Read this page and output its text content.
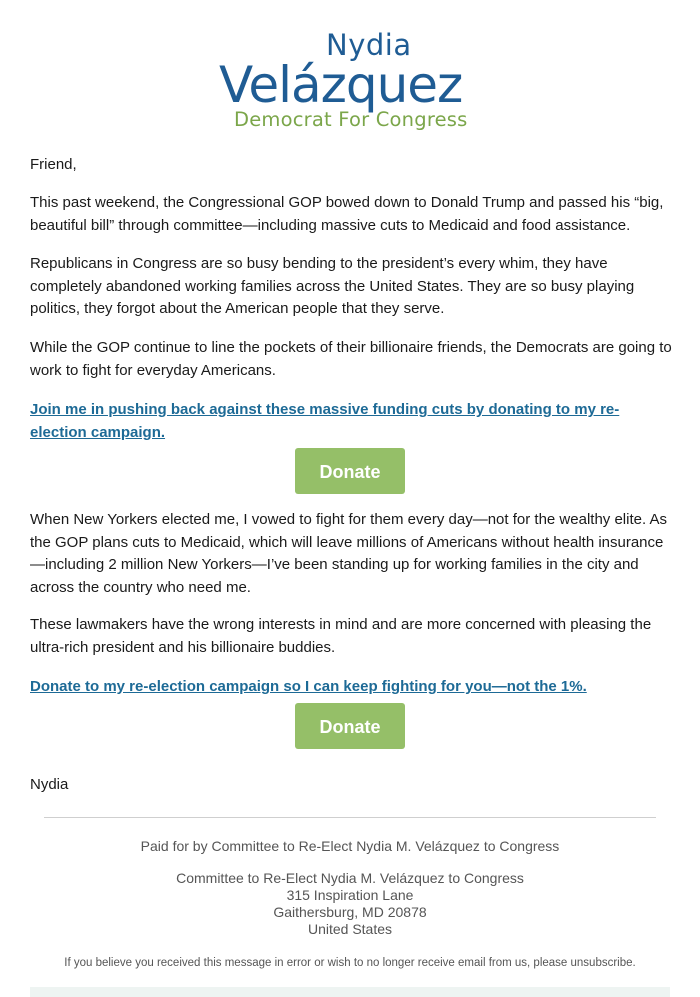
Nydia
Velázquez
Democrat For Congress

Friend,

This past weekend, the Congressional GOP bowed down to Donald Trump and passed his “big, beautiful bill” through committee—including massive cuts to Medicaid and food assistance.

Republicans in Congress are so busy bending to the president’s every whim, they have completely abandoned working families across the United States. They are so busy playing politics, they forgot about the American people that they serve.

While the GOP continue to line the pockets of their billionaire friends, the Democrats are going to work to fight for everyday Americans.

Join me in pushing back against these massive funding cuts by donating to my re-election campaign.
Donate

When New Yorkers elected me, I vowed to fight for them every day—not for the wealthy elite. As the GOP plans cuts to Medicaid, which will leave millions of Americans without health insurance—including 2 million New Yorkers—I’ve been standing up for working families in the city and across the country who need me.

These lawmakers have the wrong interests in mind and are more concerned with pleasing the ultra-rich president and his billionaire buddies.

Donate to my re-election campaign so I can keep fighting for you—not the 1%.
Donate

Nydia

Paid for by Committee to Re-Elect Nydia M. Velázquez to Congress

Committee to Re-Elect Nydia M. Velázquez to Congress
315 Inspiration Lane
Gaithersburg, MD 20878
United States

If you believe you received this message in error or wish to no longer receive email from us, please unsubscribe.
